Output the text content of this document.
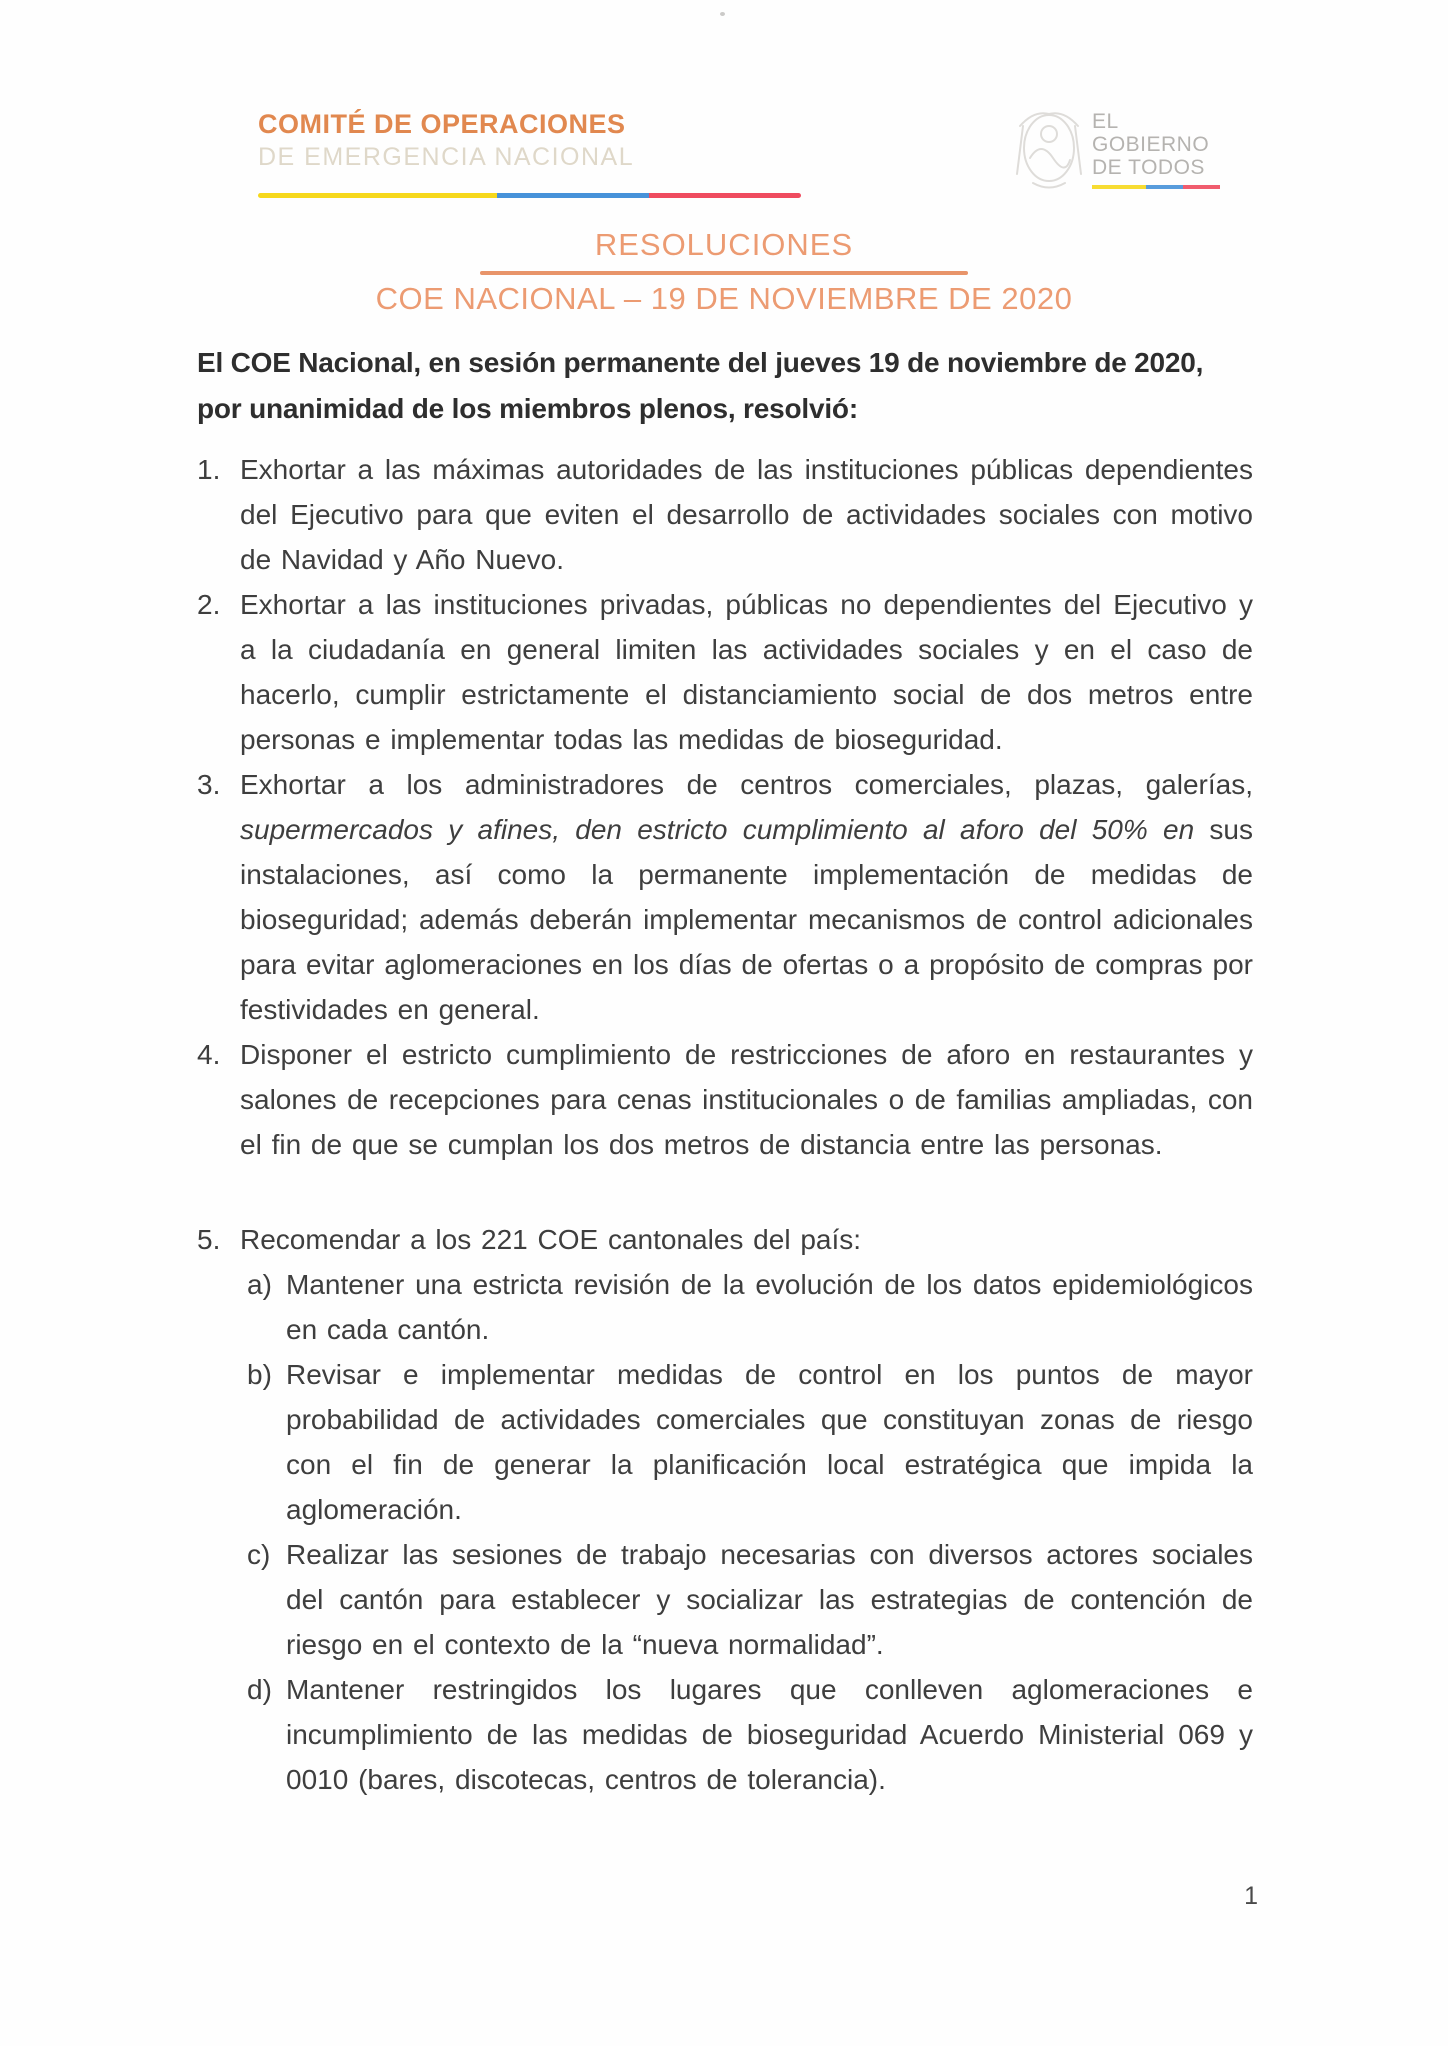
COMITÉ DE OPERACIONES
DE EMERGENCIA NACIONAL
EL
GOBIERNO
DE TODOS
RESOLUCIONES
COE NACIONAL – 19 DE NOVIEMBRE DE 2020

El COE Nacional, en sesión permanente del jueves 19 de noviembre de 2020, por unanimidad de los miembros plenos, resolvió:

1. Exhortar a las máximas autoridades de las instituciones públicas dependientes del Ejecutivo para que eviten el desarrollo de actividades sociales con motivo de Navidad y Año Nuevo.
2. Exhortar a las instituciones privadas, públicas no dependientes del Ejecutivo y a la ciudadanía en general limiten las actividades sociales y en el caso de hacerlo, cumplir estrictamente el distanciamiento social de dos metros entre personas e implementar todas las medidas de bioseguridad.
3. Exhortar a los administradores de centros comerciales, plazas, galerías, supermercados y afines, den estricto cumplimiento al aforo del 50% en sus instalaciones, así como la permanente implementación de medidas de bioseguridad; además deberán implementar mecanismos de control adicionales para evitar aglomeraciones en los días de ofertas o a propósito de compras por festividades en general.
4. Disponer el estricto cumplimiento de restricciones de aforo en restaurantes y salones de recepciones para cenas institucionales o de familias ampliadas, con el fin de que se cumplan los dos metros de distancia entre las personas.
5. Recomendar a los 221 COE cantonales del país:
a) Mantener una estricta revisión de la evolución de los datos epidemiológicos en cada cantón.
b) Revisar e implementar medidas de control en los puntos de mayor probabilidad de actividades comerciales que constituyan zonas de riesgo con el fin de generar la planificación local estratégica que impida la aglomeración.
c) Realizar las sesiones de trabajo necesarias con diversos actores sociales del cantón para establecer y socializar las estrategias de contención de riesgo en el contexto de la “nueva normalidad”.
d) Mantener restringidos los lugares que conlleven aglomeraciones e incumplimiento de las medidas de bioseguridad Acuerdo Ministerial 069 y 0010 (bares, discotecas, centros de tolerancia).
1
